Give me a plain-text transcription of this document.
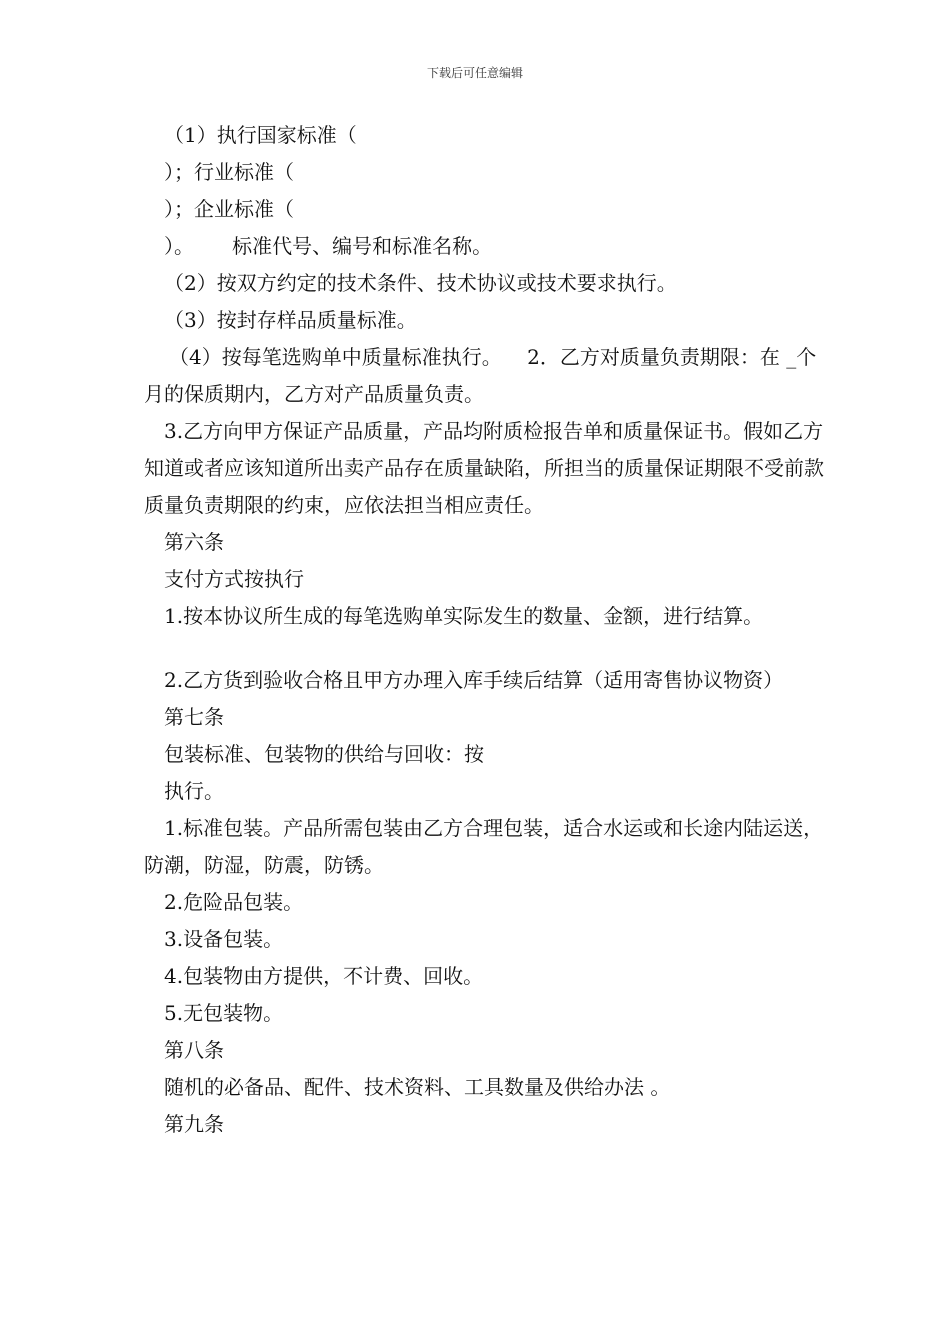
下载后可任意编辑

（1）执行国家标准（

）；行业标准（

）；企业标准（

）。      标准代号、编号和标准名称。

（2）按双方约定的技术条件、技术协议或技术要求执行。

（3）按封存样品质量标准。

（4）按每笔选购单中质量标准执行。    2．乙方对质量负责期限：在 _个月的保质期内，乙方对产品质量负责。

3.乙方向甲方保证产品质量，产品均附质检报告单和质量保证书。假如乙方知道或者应该知道所出卖产品存在质量缺陷，所担当的质量保证期限不受前款质量负责期限的约束，应依法担当相应责任。

第六条

支付方式按执行

1.按本协议所生成的每笔选购单实际发生的数量、金额，进行结算。

2.乙方货到验收合格且甲方办理入库手续后结算（适用寄售协议物资）

第七条

包装标准、包装物的供给与回收：按

执行。

1.标准包装。产品所需包装由乙方合理包装，适合水运或和长途内陆运送，防潮，防湿，防震，防锈。

2.危险品包装。

3.设备包装。

4.包装物由方提供，不计费、回收。

5.无包装物。

第八条

随机的必备品、配件、技术资料、工具数量及供给办法 。

第九条
